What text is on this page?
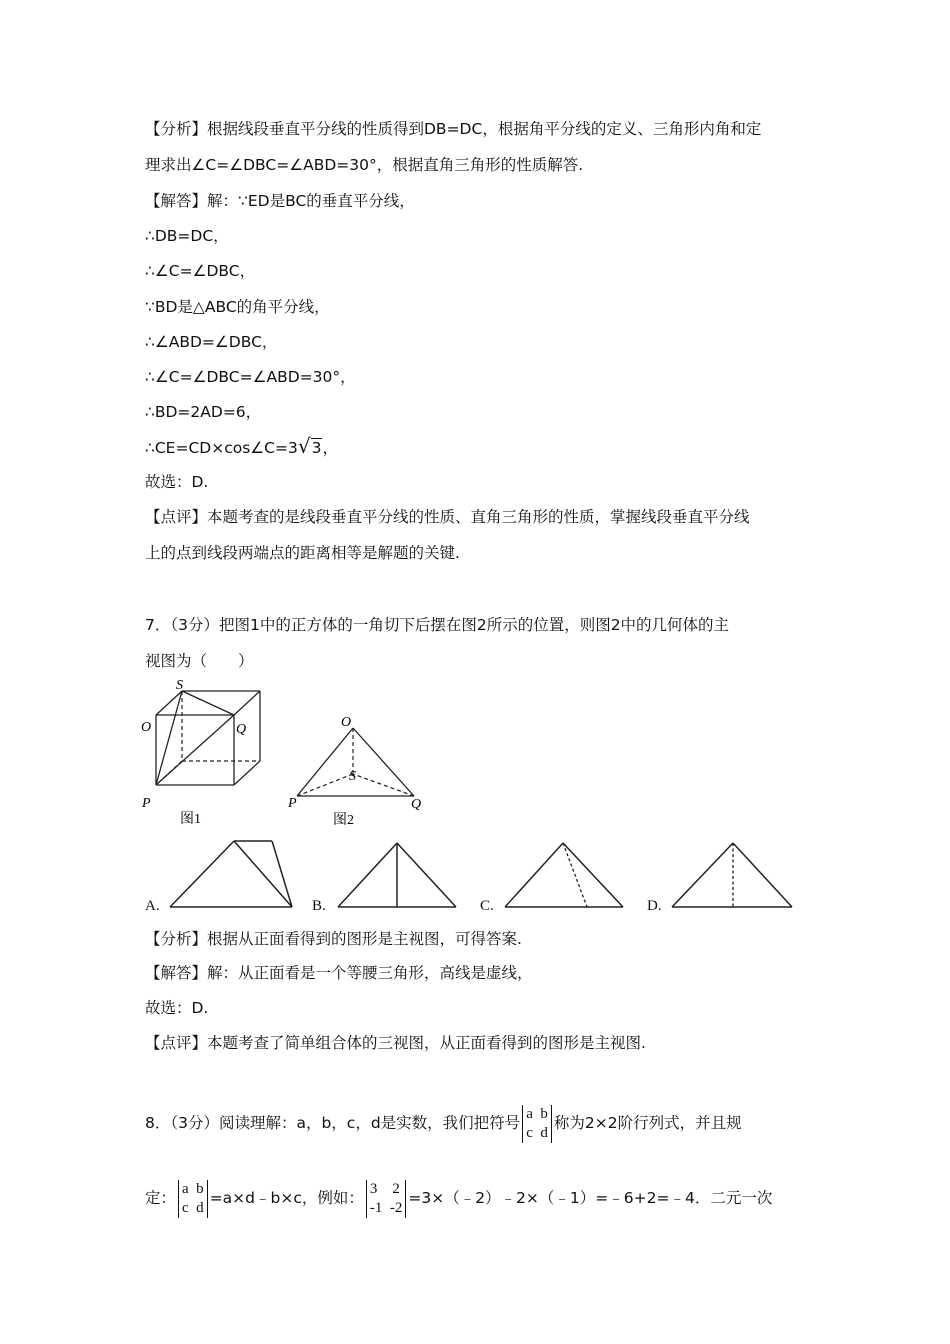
【分析】根据线段垂直平分线的性质得到DB=DC，根据角平分线的定义、三角形内角和定
理求出∠C=∠DBC=∠ABD=30°，根据直角三角形的性质解答.
【解答】解：∵ED是BC的垂直平分线，
∴DB=DC，
∴∠C=∠DBC，
∵BD是△ABC的角平分线，
∴∠ABD=∠DBC，
∴∠C=∠DBC=∠ABD=30°，
∴BD=2AD=6，
∴CE=CD×cos∠C=3√3，
故选：D.
【点评】本题考查的是线段垂直平分线的性质、直角三角形的性质，掌握线段垂直平分线
上的点到线段两端点的距离相等是解题的关键.
7．（3分）把图1中的正方体的一角切下后摆在图2所示的位置，则图2中的几何体的主
视图为（　　）
S
O	Q
P
图1
O
S
P	Q
图2
A.	B.	C.	D.
【分析】根据从正面看得到的图形是主视图，可得答案.
【解答】解：从正面看是一个等腰三角形，高线是虚线，
故选：D.
【点评】本题考查了简单组合体的三视图，从正面看得到的图形是主视图.
8．（3分）阅读理解：a，b，c，d是实数，我们把符号
a  b
c  d
称为2×2阶行列式，并且规
定：
a  b
c  d
=a×d﹣b×c，例如：
3    2
-1  -2
=3×（﹣2）﹣2×（﹣1）=﹣6+2=﹣4．二元一次
